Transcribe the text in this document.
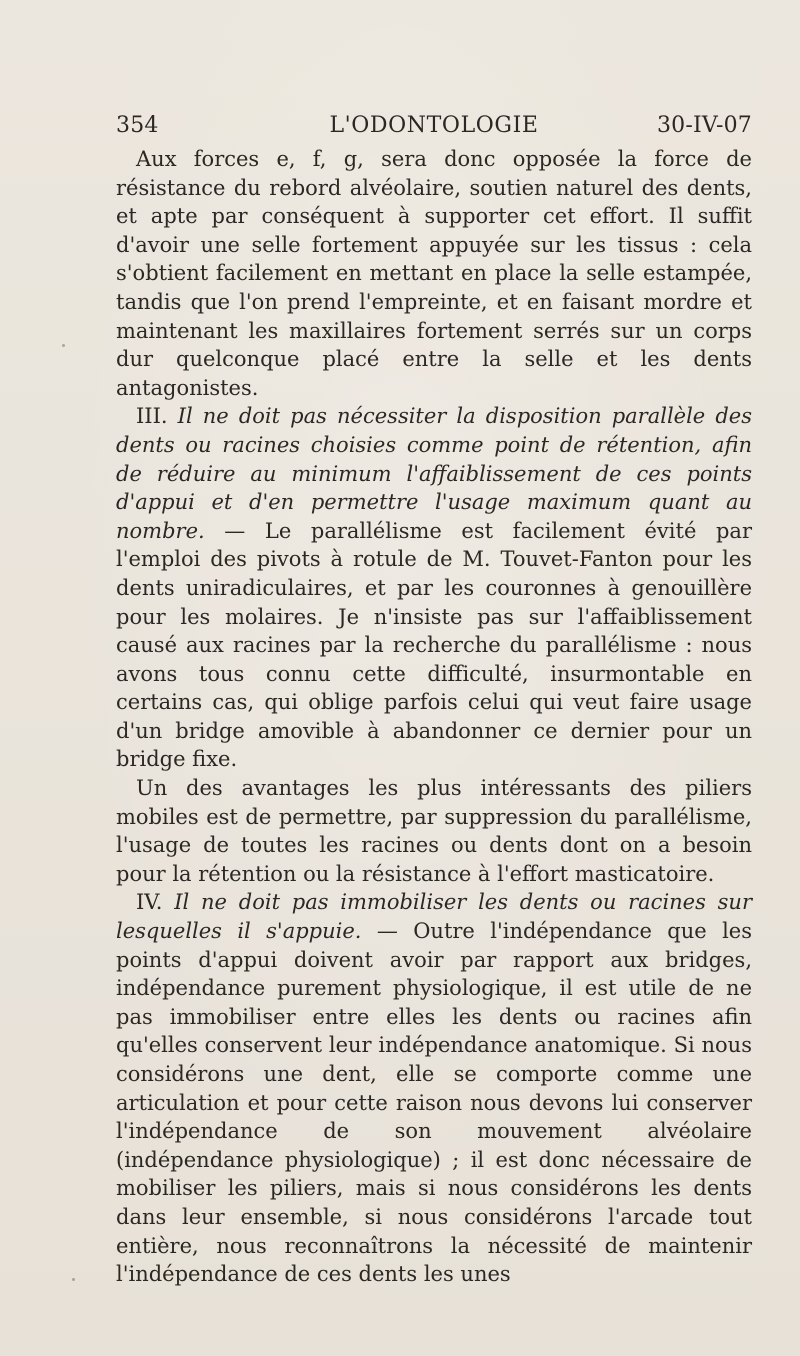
354	L'ODONTOLOGIE	30-IV-07

Aux forces e, f, g, sera donc opposée la force de résistance du rebord alvéolaire, soutien naturel des dents, et apte par conséquent à supporter cet effort. Il suffit d'avoir une selle fortement appuyée sur les tissus : cela s'obtient facilement en mettant en place la selle estampée, tandis que l'on prend l'empreinte, et en faisant mordre et maintenant les maxillaires fortement serrés sur un corps dur quelconque placé entre la selle et les dents antagonistes.

III. Il ne doit pas nécessiter la disposition parallèle des dents ou racines choisies comme point de rétention, afin de réduire au minimum l'affaiblissement de ces points d'appui et d'en permettre l'usage maximum quant au nombre. — Le parallélisme est facilement évité par l'emploi des pivots à rotule de M. Touvet-Fanton pour les dents uniradiculaires, et par les couronnes à genouillère pour les molaires. Je n'insiste pas sur l'affaiblissement causé aux racines par la recherche du parallélisme : nous avons tous connu cette difficulté, insurmontable en certains cas, qui oblige parfois celui qui veut faire usage d'un bridge amovible à abandonner ce dernier pour un bridge fixe.

Un des avantages les plus intéressants des piliers mobiles est de permettre, par suppression du parallélisme, l'usage de toutes les racines ou dents dont on a besoin pour la rétention ou la résistance à l'effort masticatoire.

IV. Il ne doit pas immobiliser les dents ou racines sur lesquelles il s'appuie. — Outre l'indépendance que les points d'appui doivent avoir par rapport aux bridges, indépendance purement physiologique, il est utile de ne pas immobiliser entre elles les dents ou racines afin qu'elles conservent leur indépendance anatomique. Si nous considérons une dent, elle se comporte comme une articulation et pour cette raison nous devons lui conserver l'indépendance de son mouvement alvéolaire (indépendance physiologique) ; il est donc nécessaire de mobiliser les piliers, mais si nous considérons les dents dans leur ensemble, si nous considérons l'arcade tout entière, nous reconnaîtrons la nécessité de maintenir l'indépendance de ces dents les unes
